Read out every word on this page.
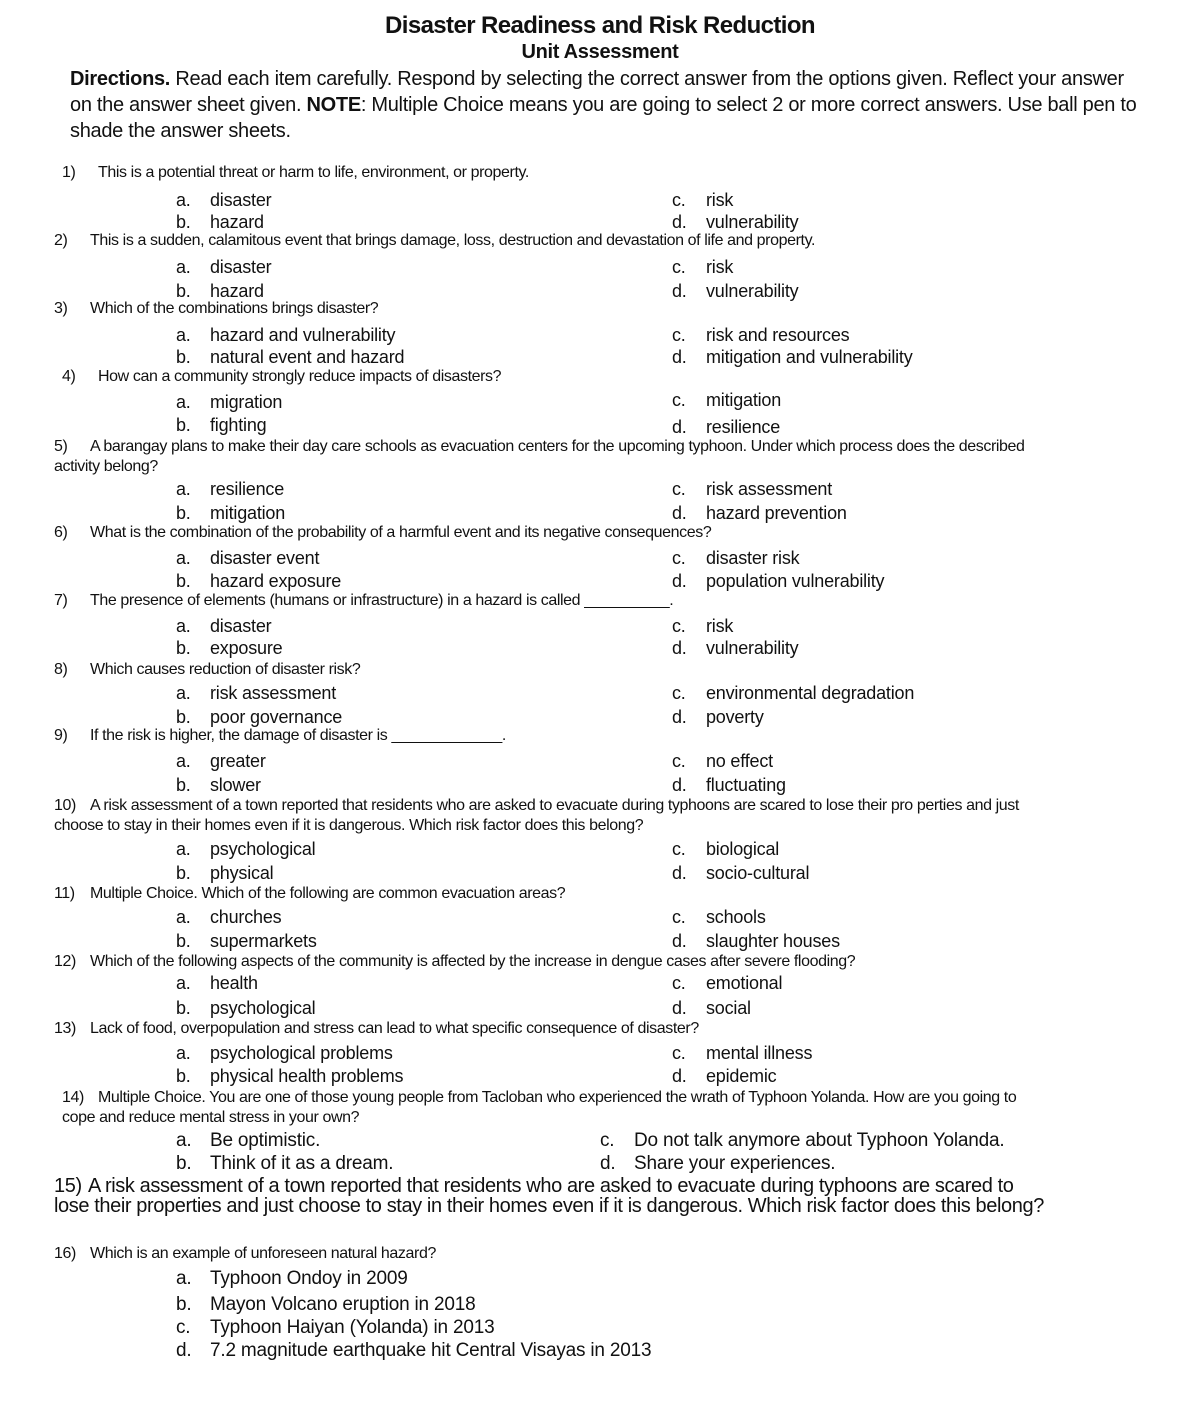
Disaster Readiness and Risk Reduction
Unit Assessment
Directions. Read each item carefully. Respond by selecting the correct answer from the options given. Reflect your answer on the answer sheet given. NOTE: Multiple Choice means you are going to select 2 or more correct answers. Use ball pen to shade the answer sheets.
1) This is a potential threat or harm to life, environment, or property.
a. disaster
b. hazard
c. risk
d. vulnerability
2) This is a sudden, calamitous event that brings damage, loss, destruction and devastation of life and property.
a. disaster
b. hazard
c. risk
d. vulnerability
3) Which of the combinations brings disaster?
a. hazard and vulnerability
b. natural event and hazard
c. risk and resources
d. mitigation and vulnerability
4) How can a community strongly reduce impacts of disasters?
a. migration
b. fighting
c. mitigation
d. resilience
5) A barangay plans to make their day care schools as evacuation centers for the upcoming typhoon. Under which process does the described activity belong?
a. resilience
b. mitigation
c. risk assessment
d. hazard prevention
6) What is the combination of the probability of a harmful event and its negative consequences?
a. disaster event
b. hazard exposure
c. disaster risk
d. population vulnerability
7) The presence of elements (humans or infrastructure) in a hazard is called __________.
a. disaster
b. exposure
c. risk
d. vulnerability
8) Which causes reduction of disaster risk?
a. risk assessment
b. poor governance
c. environmental degradation
d. poverty
9) If the risk is higher, the damage of disaster is _____________.
a. greater
b. slower
c. no effect
d. fluctuating
10) A risk assessment of a town reported that residents who are asked to evacuate during typhoons are scared to lose their pro perties and just choose to stay in their homes even if it is dangerous. Which risk factor does this belong?
a. psychological
b. physical
c. biological
d. socio-cultural
11) Multiple Choice. Which of the following are common evacuation areas?
a. churches
b. supermarkets
c. schools
d. slaughter houses
12) Which of the following aspects of the community is affected by the increase in dengue cases after severe flooding?
a. health
b. psychological
c. emotional
d. social
13) Lack of food, overpopulation and stress can lead to what specific consequence of disaster?
a. psychological problems
b. physical health problems
c. mental illness
d. epidemic
14) Multiple Choice. You are one of those young people from Tacloban who experienced the wrath of Typhoon Yolanda. How are you going to cope and reduce mental stress in your own?
a. Be optimistic.
b. Think of it as a dream.
c. Do not talk anymore about Typhoon Yolanda.
d. Share your experiences.
15) A risk assessment of a town reported that residents who are asked to evacuate during typhoons are scared to lose their properties and just choose to stay in their homes even if it is dangerous. Which risk factor does this belong?
16) Which is an example of unforeseen natural hazard?
a. Typhoon Ondoy in 2009
b. Mayon Volcano eruption in 2018
c. Typhoon Haiyan (Yolanda) in 2013
d. 7.2 magnitude earthquake hit Central Visayas in 2013
